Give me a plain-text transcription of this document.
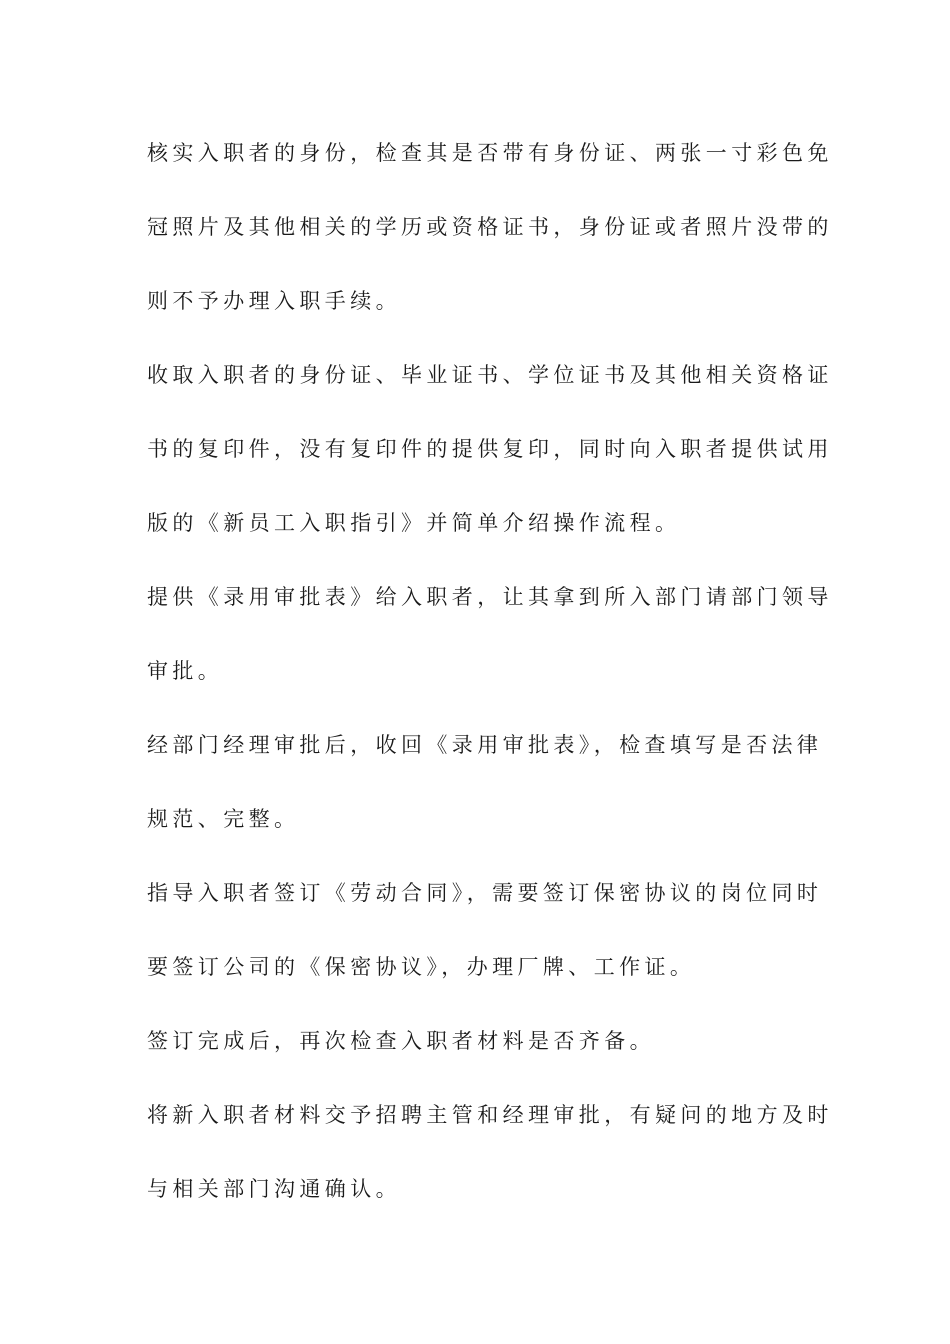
核实入职者的身份，检查其是否带有身份证、两张一寸彩色免
冠照片及其他相关的学历或资格证书，身份证或者照片没带的
则不予办理入职手续。
收取入职者的身份证、毕业证书、学位证书及其他相关资格证
书的复印件，没有复印件的提供复印，同时向入职者提供试用
版的《新员工入职指引》并简单介绍操作流程。
提供《录用审批表》给入职者，让其拿到所入部门请部门领导
审批。
经部门经理审批后，收回《录用审批表》，检查填写是否法律
规范、完整。
指导入职者签订《劳动合同》，需要签订保密协议的岗位同时
要签订公司的《保密协议》，办理厂牌、工作证。
签订完成后，再次检查入职者材料是否齐备。
将新入职者材料交予招聘主管和经理审批，有疑问的地方及时
与相关部门沟通确认。
